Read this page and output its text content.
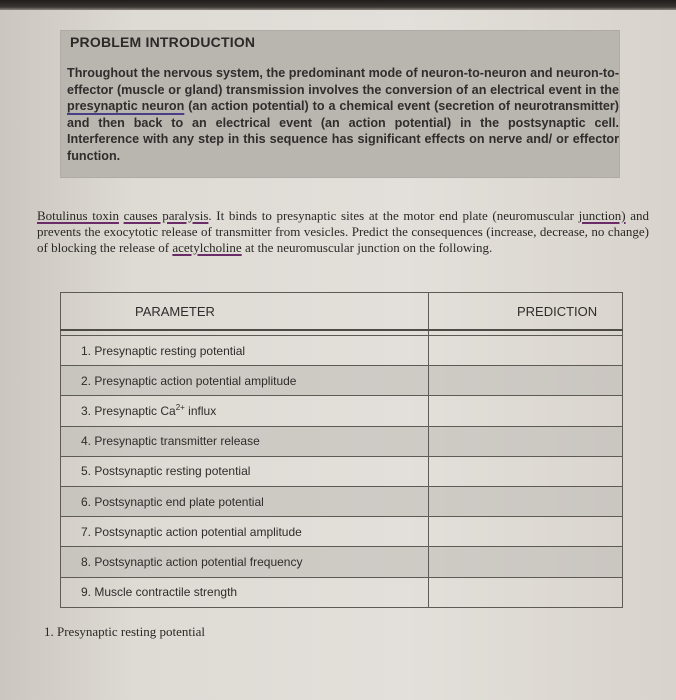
PROBLEM INTRODUCTION
Throughout the nervous system, the predominant mode of neuron-to-neuron and neuron-to-effector (muscle or gland) transmission involves the conversion of an electrical event in the presynaptic neuron (an action potential) to a chemical event (secretion of neurotransmitter) and then back to an electrical event (an action potential) in the postsynaptic cell. Interference with any step in this sequence has significant effects on nerve and/ or effector function.
Botulinus toxin causes paralysis. It binds to presynaptic sites at the motor end plate (neuromuscular junction) and prevents the exocytotic release of transmitter from vesicles. Predict the consequences (increase, decrease, no change) of blocking the release of acetylcholine at the neuromuscular junction on the following.
PARAMETER	PREDICTION

1. Presynaptic resting potential	
2. Presynaptic action potential amplitude	
3. Presynaptic $Ca^{2+}$ influx	
4. Presynaptic transmitter release	
5. Postsynaptic resting potential	
6. Postsynaptic end plate potential	
7. Postsynaptic action potential amplitude	
8. Postsynaptic action potential frequency	
9. Muscle contractile strength	
1. Presynaptic resting potential
